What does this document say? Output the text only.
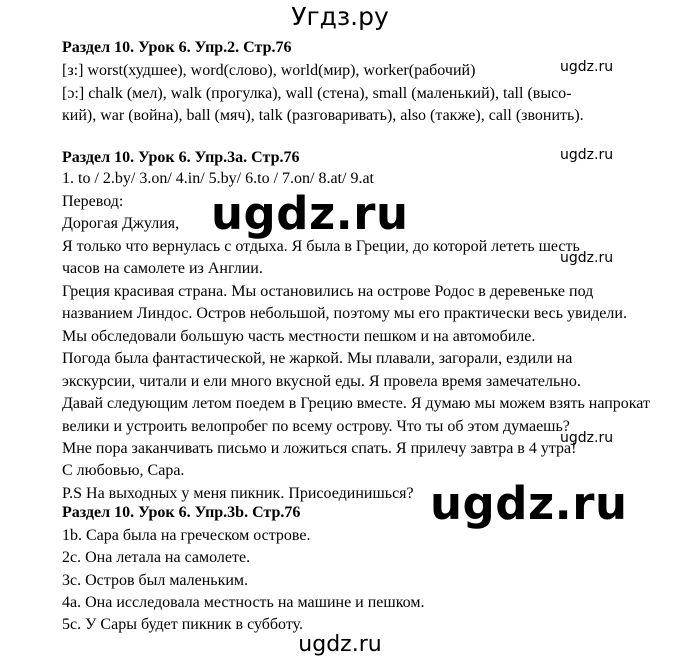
Угдз.ру
ugdz.ru
ugdz.ru
ugdz.ru
ugdz.ru
ugdz.ru
ugdz.ru
Раздел 10. Урок 6. Упр.2. Стр.76
[з:] worst(худшее), word(слово), world(мир), worker(рабочий)
[ɔ:] chalk (мел), walk (прогулка), wall (стена), small (маленький), tall (высо-
кий), war (война), ball (мяч), talk (разговаривать), also (также), call (звонить).
Раздел 10. Урок 6. Упр.3a. Стр.76
1. to / 2.by/ 3.on/ 4.in/ 5.by/ 6.to / 7.on/ 8.at/ 9.at
Перевод:
Дорогая Джулия,
Я только что вернулась с отдыха. Я была в Греции, до которой лететь шесть
часов на самолете из Англии.
Греция красивая страна. Мы остановились на острове Родос в деревеньке под
названием Линдос. Остров небольшой, поэтому мы его практически весь увидели.
Мы обследовали большую часть местности пешком и на автомобиле.
Погода была фантастической, не жаркой. Мы плавали, загорали, ездили на
экскурсии, читали и ели много вкусной еды. Я провела время замечательно.
Давай следующим летом поедем в Грецию вместе. Я думаю мы можем взять напрокат
велики и устроить велопробег по всему острову. Что ты об этом думаешь?
Мне пора заканчивать письмо и ложиться спать. Я прилечу завтра в 4 утра!
С любовью, Сара.
P.S На выходных у меня пикник. Присоединишься?
Раздел 10. Урок 6. Упр.3b. Стр.76
1b. Сара была на греческом острове.
2c. Она летала на самолете.
3c. Остров был маленьким.
4a. Она исследовала местность на машине и пешком.
5c. У Сары будет пикник в субботу.
ugdz.ru
